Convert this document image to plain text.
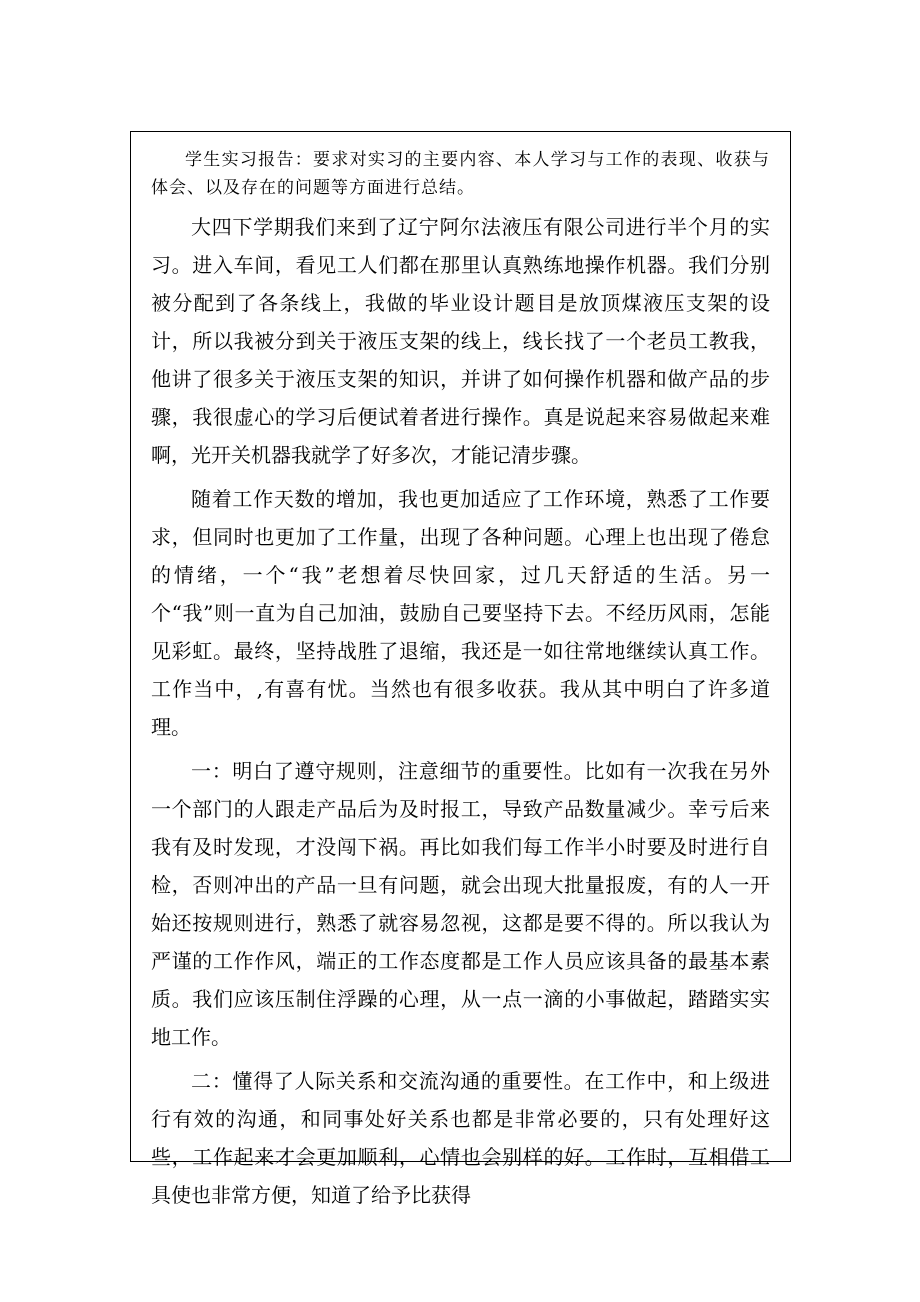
学生实习报告：要求对实习的主要内容、本人学习与工作的表现、收获与体会、以及存在的问题等方面进行总结。

大四下学期我们来到了辽宁阿尔法液压有限公司进行半个月的实习。进入车间，看见工人们都在那里认真熟练地操作机器。我们分别被分配到了各条线上，我做的毕业设计题目是放顶煤液压支架的设计，所以我被分到关于液压支架的线上，线长找了一个老员工教我，他讲了很多关于液压支架的知识，并讲了如何操作机器和做产品的步骤，我很虚心的学习后便试着者进行操作。真是说起来容易做起来难啊，光开关机器我就学了好多次，才能记清步骤。

随着工作天数的增加，我也更加适应了工作环境，熟悉了工作要求，但同时也更加了工作量，出现了各种问题。心理上也出现了倦怠的情绪，一个“我”老想着尽快回家，过几天舒适的生活。另一个“我”则一直为自己加油，鼓励自己要坚持下去。不经历风雨，怎能见彩虹。最终，坚持战胜了退缩，我还是一如往常地继续认真工作。工作当中，,有喜有忧。当然也有很多收获。我从其中明白了许多道理。

一：明白了遵守规则，注意细节的重要性。比如有一次我在另外一个部门的人跟走产品后为及时报工，导致产品数量减少。幸亏后来我有及时发现，才没闯下祸。再比如我们每工作半小时要及时进行自检，否则冲出的产品一旦有问题，就会出现大批量报废，有的人一开始还按规则进行，熟悉了就容易忽视，这都是要不得的。所以我认为严谨的工作作风，端正的工作态度都是工作人员应该具备的最基本素质。我们应该压制住浮躁的心理，从一点一滴的小事做起，踏踏实实地工作。

二：懂得了人际关系和交流沟通的重要性。在工作中，和上级进行有效的沟通，和同事处好关系也都是非常必要的，只有处理好这些，工作起来才会更加顺利，心情也会别样的好。工作时，互相借工具使也非常方便，知道了给予比获得
